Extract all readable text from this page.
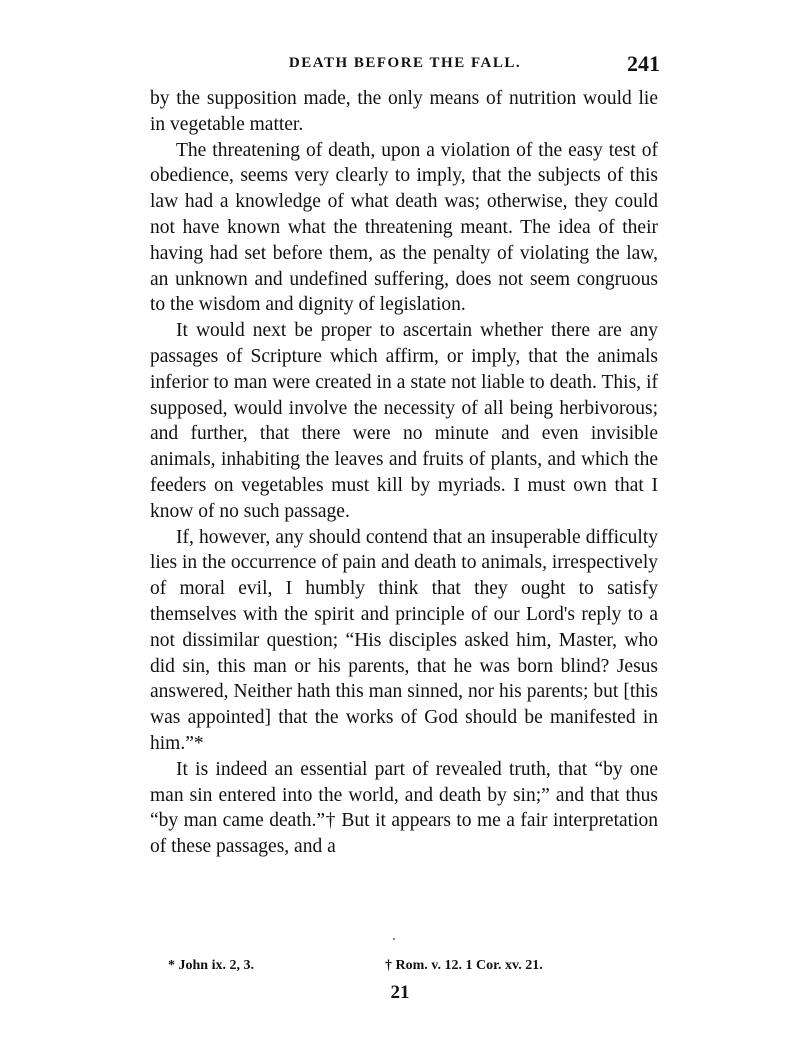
DEATH BEFORE THE FALL.	241

by the supposition made, the only means of nutrition would lie in vegetable matter.

The threatening of death, upon a violation of the easy test of obedience, seems very clearly to imply, that the subjects of this law had a knowledge of what death was; otherwise, they could not have known what the threatening meant. The idea of their having had set before them, as the penalty of violating the law, an unknown and undefined suffering, does not seem congruous to the wisdom and dignity of legislation.

It would next be proper to ascertain whether there are any passages of Scripture which affirm, or imply, that the animals inferior to man were created in a state not liable to death. This, if supposed, would involve the necessity of all being herbivorous; and further, that there were no minute and even invisible animals, inhabiting the leaves and fruits of plants, and which the feeders on vegetables must kill by myriads. I must own that I know of no such passage.

If, however, any should contend that an insuperable difficulty lies in the occurrence of pain and death to animals, irrespectively of moral evil, I humbly think that they ought to satisfy themselves with the spirit and principle of our Lord's reply to a not dissimilar question; “His disciples asked him, Master, who did sin, this man or his parents, that he was born blind? Jesus answered, Neither hath this man sinned, nor his parents; but [this was appointed] that the works of God should be manifested in him.”*

It is indeed an essential part of revealed truth, that “by one man sin entered into the world, and death by sin;” and that thus “by man came death.”† But it appears to me a fair interpretation of these passages, and a

* John ix. 2, 3.	† Rom. v. 12. 1 Cor. xv. 21.
21
